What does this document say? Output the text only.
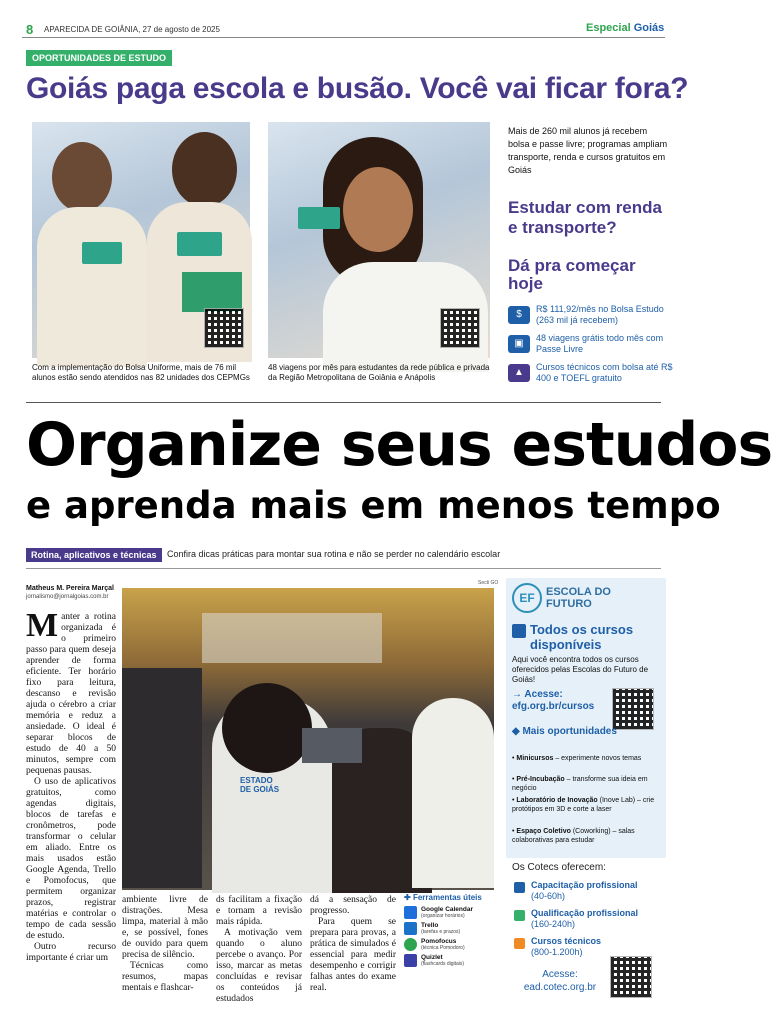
8 APARECIDA DE GOIÂNIA, 27 de agosto de 2025	Especial Goiás
OPORTUNIDADES DE ESTUDO
Goiás paga escola e busão. Você vai ficar fora?
Com a implementação do Bolsa Uniforme, mais de 76 mil alunos estão sendo atendidos nas 82 unidades dos CEPMGs
48 viagens por mês para estudantes da rede pública e privada da Região Metropolitana de Goiânia e Anápolis
Mais de 260 mil alunos já recebem bolsa e passe livre; programas ampliam transporte, renda e cursos gratuitos em Goiás
Estudar com renda e transporte?
Dá pra começar hoje
$	R$ 111,92/mês no Bolsa Estudo (263 mil já recebem)
▣	48 viagens grátis todo mês com Passe Livre
▲	Cursos técnicos com bolsa até R$ 400 e TOEFL gratuito
Organize seus estudos
e aprenda mais em menos tempo
Rotina, aplicativos e técnicas	Confira dicas práticas para montar sua rotina e não se perder no calendário escolar
Matheus M. Pereira Marçal
jornalismo@jornalgoias.com.br
Manter a rotina organizada é o primeiro passo para quem deseja aprender de forma eficiente. Ter horário fixo para leitura, descanso e revisão ajuda o cérebro a criar memória e reduz a ansiedade. O ideal é separar blocos de estudo de 40 a 50 minutos, sempre com pequenas pausas.

O uso de aplicativos gratuitos, como agendas digitais, blocos de tarefas e cronômetros, pode transformar o celular em aliado. Entre os mais usados estão Google Agenda, Trello e Pomofocus, que permitem organizar prazos, registrar matérias e controlar o tempo de cada sessão de estudo.

Outro recurso importante é criar um

ESTADO
DE GOIÁS
Secti GO

ambiente livre de distrações. Mesa limpa, material à mão e, se possível, fones de ouvido para quem precisa de silêncio.

Técnicas como resumos, mapas mentais e flashcar-

ds facilitam a fixação e tornam a revisão mais rápida.

A motivação vem quando o aluno percebe o avanço. Por isso, marcar as metas concluídas e revisar os conteúdos já estudados

dá a sensação de progresso.

Para quem se prepara para provas, a prática de simulados é essencial para medir desempenho e corrigir falhas antes do exame real.

✚ Ferramentas úteis
Google Calendar
(organizar horários)
Trello
(tarefas e prazos)
Pomofocus
(técnica Pomodoro)
Quizlet
(flashcards digitais)
EF	ESCOLA DO
FUTURO
Todos os cursos disponíveis
Aqui você encontra todos os cursos oferecidos pelas Escolas do Futuro de Goiás!
→ Acesse:
efg.org.br/cursos
◆ Mais oportunidades
• Minicursos – experimente novos temas
• Pré-Incubação – transforme sua ideia em negócio
• Laboratório de Inovação (Inove Lab) – crie protótipos em 3D e corte a laser
• Espaço Coletivo (Coworking) – salas colaborativas para estudar
Os Cotecs oferecem:
Capacitação profissional
(40-60h)
Qualificação profissional
(160-240h)
Cursos técnicos
(800-1.200h)
Acesse:
ead.cotec.org.br
